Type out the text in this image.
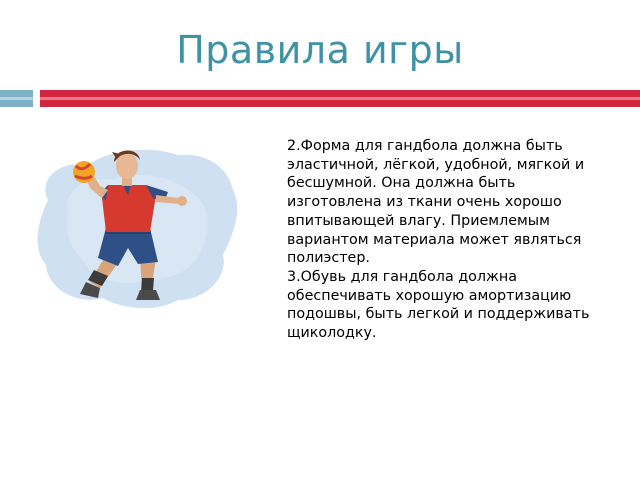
Правила игры

2.Форма для гандбола должна быть эластичной, лёгкой, удобной, мягкой и бесшумной. Она должна быть изготовлена из ткани очень хорошо впитывающей влагу. Приемлемым вариантом материала может являться полиэстер.

3.Обувь для гандбола должна обеспечивать хорошую амортизацию подошвы, быть легкой и поддерживать щиколодку.
